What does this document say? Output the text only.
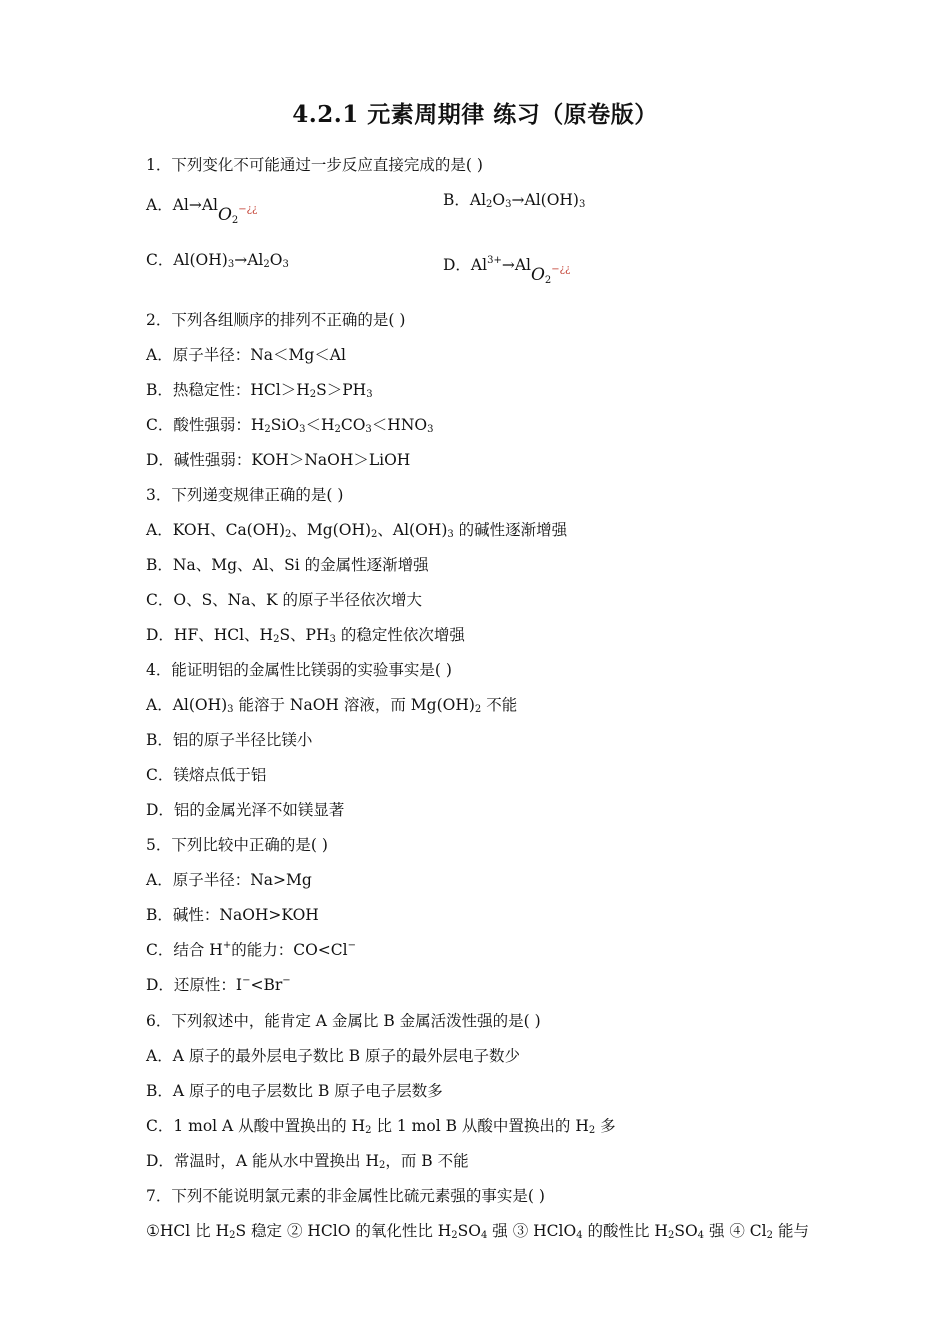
4.2.1 元素周期律 练习（原卷版）
1．下列变化不可能通过一步反应直接完成的是( )
A．Al→AlO$_2$−¿¿
B．$Al_2O_3\to Al(OH)_3$
C．$Al(OH)_3\to Al_2O_3$	D．$Al^{3+}\to AlO_2^{-¿¿}$
2．下列各组顺序的排列不正确的是( )
A．原子半径：Na＜Mg＜Al
B．热稳定性：$HCl>H_2S>PH_3$
C．酸性强弱：$H_2SiO_3<H_2CO_3<HNO_3$
D．碱性强弱：KOH＞NaOH＞LiOH
3．下列递变规律正确的是( )
A．KOH、$Ca(OH)_2$、$Mg(OH)_2$、$Al(OH)_3$ 的碱性逐渐增强
B．Na、Mg、Al、Si 的金属性逐渐增强
C．O、S、Na、K 的原子半径依次增大
D．HF、HCl、$H_2S$、$PH_3$ 的稳定性依次增强
4．能证明铝的金属性比镁弱的实验事实是( )
A．$Al(OH)_3$ 能溶于 NaOH 溶液，而 $Mg(OH)_2$ 不能
B．铝的原子半径比镁小
C．镁熔点低于铝
D．铝的金属光泽不如镁显著
5．下列比较中正确的是( )
A．原子半径：Na>Mg
B．碱性：NaOH>KOH
C．结合 H+的能力：CO<Cl−
D．还原性：I−<Br−
6．下列叙述中，能肯定 A 金属比 B 金属活泼性强的是( )
A．A 原子的最外层电子数比 B 原子的最外层电子数少
B．A 原子的电子层数比 B 原子电子层数多
C．1 mol A 从酸中置换出的 $H_2$ 比 1 mol B 从酸中置换出的 $H_2$ 多
D．常温时，A 能从水中置换出 $H_2$，而 B 不能
7．下列不能说明氯元素的非金属性比硫元素强的事实是( )
①HCl 比 $H_2S$ 稳定 ② HClO 的氧化性比 $H_2SO_4$ 强 ③ HClO$_4$ 的酸性比 $H_2SO_4$ 强 ④ $Cl_2$ 能与
